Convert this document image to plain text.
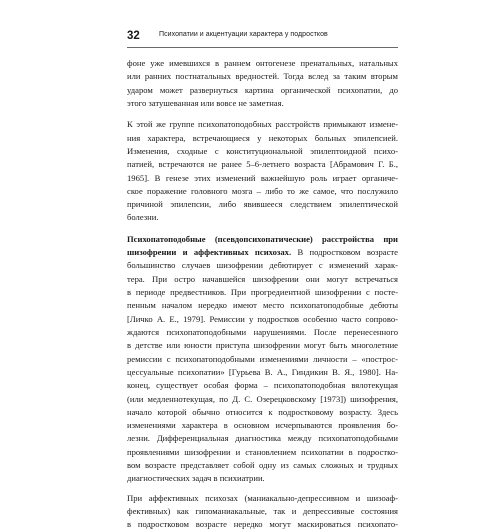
32	Психопатии и акцентуации характера у подростков
фоне уже имевшихся в раннем онтогенезе пренатальных, натальных
или ранних постнатальных вредностей. Тогда вслед за таким вторым
ударом может развернуться картина органической психопатии, до
этого затушеванная или вовсе не заметная.
К этой же группе психопатоподобных расстройств примыкают измене-
ния характера, встречающиеся у некоторых больных эпилепсией.
Изменения, сходные с конституциональной эпилептоидной психо-
патией, встречаются не ранее 5–6-летнего возраста [Абрамович Г. Б.,
1965]. В генезе этих изменений важнейшую роль играет органиче-
ское поражение головного мозга – либо то же самое, что послужило
причиной эпилепсии, либо явившееся следствием эпилептической
болезни.
Психопатоподобные (псевдопсихопатические) расстройства при
шизофрении и аффективных психозах. В подростковом возрасте
большинство случаев шизофрении дебютирует с изменений харак-
тера. При остро начавшейся шизофрении они могут встречаться
в периоде предвестников. При прогредиентной шизофрении с посте-
пенным началом нередко имеют место психопатоподобные дебюты
[Личко А. Е., 1979]. Ремиссии у подростков особенно часто сопрово-
ждаются психопатоподобными нарушениями. После перенесенного
в детстве или юности приступа шизофрении могут быть многолетние
ремиссии с психопатоподобными изменениями личности – «построс-
цессуальные психопатии» [Гурьева В. А., Гиндикин В. Я., 1980]. На-
конец, существует особая форма – психопатоподобная вялотекущая
(или медленнотекущая, по Д. С. Озерецковскому [1973]) шизофрения,
начало которой обычно относится к подростковому возрасту. Здесь
изменениями характера в основном исчерпываются проявления бо-
лезни. Дифференциальная диагностика между психопатоподобными
проявлениями шизофрении и становлением психопатии в подростко-
вом возрасте представляет собой одну из самых сложных и трудных
диагностических задач в психиатрии.
При аффективных психозах (маниакально-депрессивном и шизоаф-
фективных) как гипоманиакальные, так и депрессивные состояния
в подростковом возрасте нередко могут маскироваться психопато-
